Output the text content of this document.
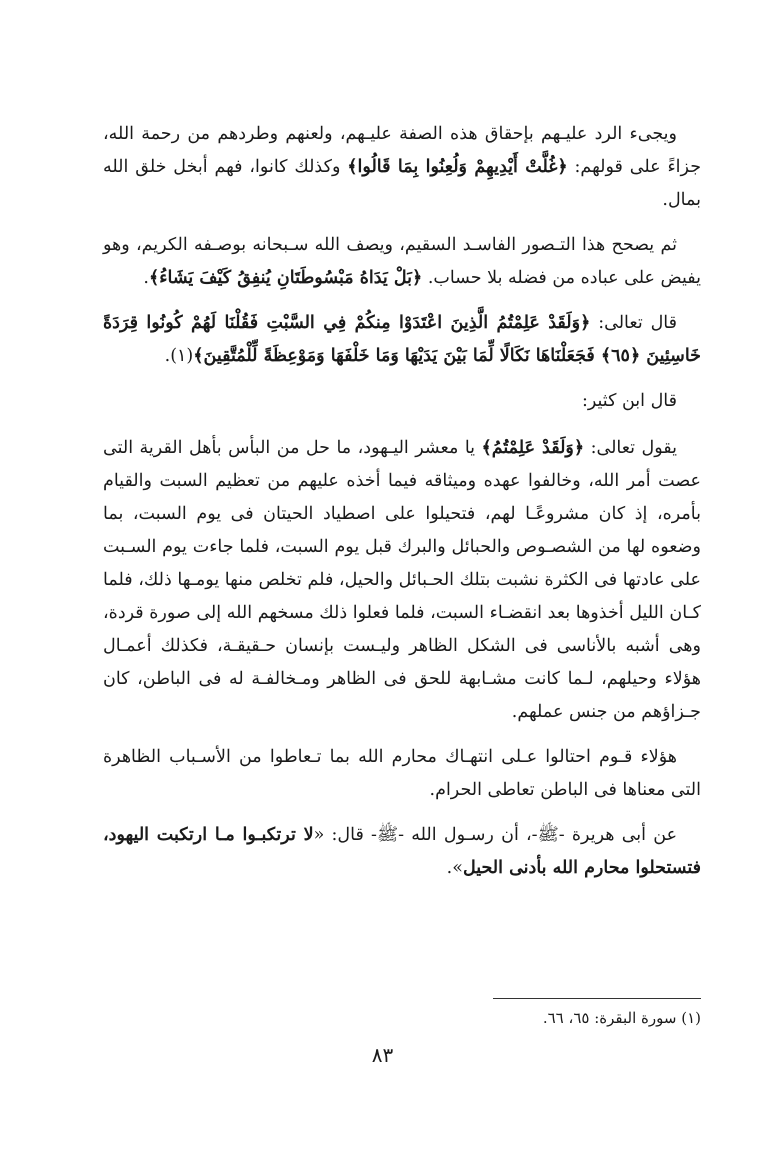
ويجىء الرد عليـهم بإحقاق هذه الصفة عليـهم، ولعنهم وطردهم من رحمة الله، جزاءً على قولهم: ﴿غُلَّتْ أَيْدِيهِمْ وَلُعِنُوا بِمَا قَالُوا﴾ وكذلك كانوا، فهم أبخل خلق الله بمال.

ثم يصحح هذا التـصور الفاسـد السقيم، ويصف الله سـبحانه بوصـفه الكريم، وهو يفيض على عباده من فضله بلا حساب. ﴿بَلْ يَدَاهُ مَبْسُوطَتَانِ يُنفِقُ كَيْفَ يَشَاءُ﴾.

قال تعالى: ﴿وَلَقَدْ عَلِمْتُمُ الَّذِينَ اعْتَدَوْا مِنكُمْ فِي السَّبْتِ فَقُلْنَا لَهُمْ كُونُوا قِرَدَةً خَاسِئِينَ ﴿٦٥﴾ فَجَعَلْنَاهَا نَكَالًا لِّمَا بَيْنَ يَدَيْهَا وَمَا خَلْفَهَا وَمَوْعِظَةً لِّلْمُتَّقِينَ﴾(١).

قال ابن كثير:

يقول تعالى: ﴿وَلَقَدْ عَلِمْتُمُ﴾ يا معشر اليـهود، ما حل من البأس بأهل القرية التى عصت أمر الله، وخالفوا عهده وميثاقه فيما أخذه عليهم من تعظيم السبت والقيام بأمره، إذ كان مشروعًـا لهم، فتحيلوا على اصطياد الحيتان فى يوم السبت، بما وضعوه لها من الشصـوص والحبائل والبرك قبل يوم السبت، فلما جاءت يوم السـبت على عادتها فى الكثرة نشبت بتلك الحـبائل والحيل، فلم تخلص منها يومـها ذلك، فلما كـان الليل أخذوها بعد انقضـاء السبت، فلما فعلوا ذلك مسخهم الله إلى صورة قردة، وهى أشبه بالأناسى فى الشكل الظاهر وليـست بإنسان حـقيقـة، فكذلك أعمـال هؤلاء وحيلهم، لـما كانت مشـابهة للحق فى الظاهر ومـخالفـة له فى الباطن، كان جـزاؤهم من جنس عملهم.

هؤلاء قـوم احتالوا عـلى انتهـاك محارم الله بما تـعاطوا من الأسـباب الظاهرة التى معناها فى الباطن تعاطى الحرام.

عن أبى هريرة -ﷺ-، أن رسـول الله -ﷺ- قال: «لا ترتكبـوا مـا ارتكبت اليهود، فتستحلوا محارم الله بأدنى الحيل».

(١) سورة البقرة: ٦٥، ٦٦.
٨٣
